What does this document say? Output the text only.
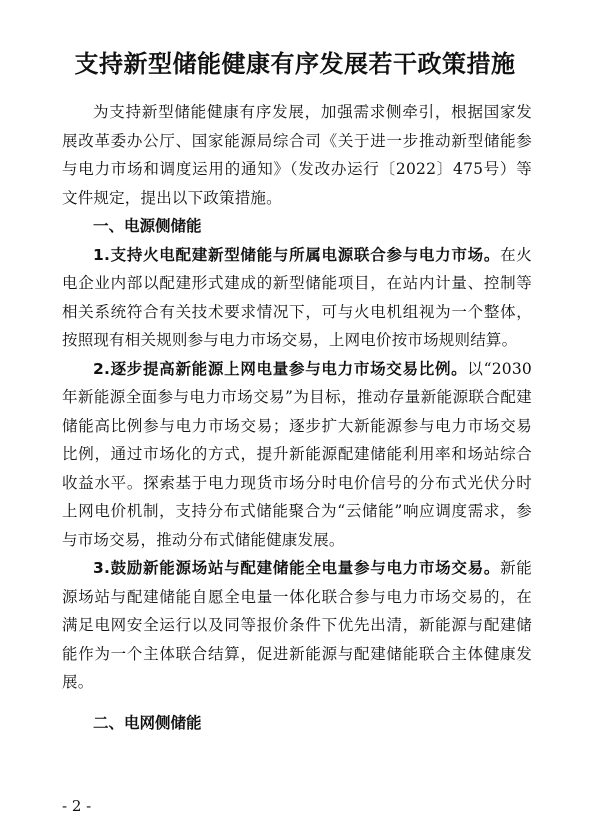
支持新型储能健康有序发展若干政策措施

为支持新型储能健康有序发展，加强需求侧牵引，根据国家发展改革委办公厅、国家能源局综合司《关于进一步推动新型储能参与电力市场和调度运用的通知》（发改办运行〔2022〕475号）等文件规定，提出以下政策措施。

一、电源侧储能

1.支持火电配建新型储能与所属电源联合参与电力市场。在火电企业内部以配建形式建成的新型储能项目，在站内计量、控制等相关系统符合有关技术要求情况下，可与火电机组视为一个整体，按照现有相关规则参与电力市场交易，上网电价按市场规则结算。

2.逐步提高新能源上网电量参与电力市场交易比例。以“2030年新能源全面参与电力市场交易”为目标，推动存量新能源联合配建储能高比例参与电力市场交易；逐步扩大新能源参与电力市场交易比例，通过市场化的方式，提升新能源配建储能利用率和场站综合收益水平。探索基于电力现货市场分时电价信号的分布式光伏分时上网电价机制，支持分布式储能聚合为“云储能”响应调度需求，参与市场交易，推动分布式储能健康发展。

3.鼓励新能源场站与配建储能全电量参与电力市场交易。新能源场站与配建储能自愿全电量一体化联合参与电力市场交易的，在满足电网安全运行以及同等报价条件下优先出清，新能源与配建储能作为一个主体联合结算，促进新能源与配建储能联合主体健康发展。

二、电网侧储能

- 2 -
